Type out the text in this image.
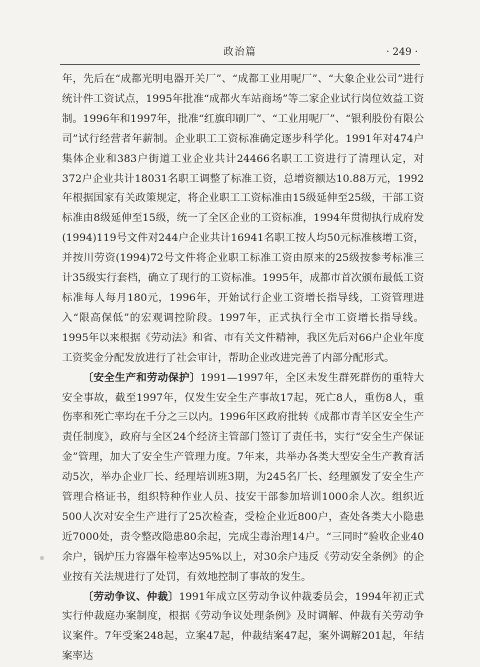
政治篇	· 249 ·

年，先后在“成都光明电器开关厂”、“成都工业用呢厂”、“大象企业公司”进行统计件工资试点，1995年批准“成都火车站商场”等二家企业试行岗位效益工资制。1996年和1997年，批准“红旗印刷厂”、“工业用呢厂”、“银利股份有限公司”试行经营者年薪制。企业职工工资标准确定逐步科学化。1991年对474户集体企业和383户街道工业企业共计24466名职工工资进行了清理认定，对372户企业共计18031名职工调整了标准工资，总增资额达10.88万元，1992年根据国家有关政策规定，将企业职工工资标准由15级延伸至25级，干部工资标准由8级延伸至15级，统一了全区企业的工资标准，1994年贯彻执行成府发(1994)119号文件对244户企业共计16941名职工按人均50元标准核增工资，并按川劳资(1994)72号文件将企业职工标准工资由原来的25级按参考标准三计35级实行套档，确立了现行的工资标准。1995年，成都市首次颁布最低工资标准每人每月180元，1996年，开始试行企业工资增长指导线，工资管理进入“限高保低”的宏观调控阶段。1997年，正式执行全市工资增长指导线。1995年以来根据《劳动法》和省、市有关文件精神，我区先后对66户企业年度工资奖金分配发放进行了社会审计，帮助企业改进完善了内部分配形式。

〔安全生产和劳动保护〕1991—1997年，全区未发生群死群伤的重特大安全事故，截至1997年，仅发生安全生产事故17起，死亡8人，重伤8人，重伤率和死亡率均在千分之三以内。1996年区政府批转《成都市青羊区安全生产责任制度》，政府与全区24个经济主管部门签订了责任书，实行“安全生产保证金”管理，加大了安全生产管理力度。7年来，共举办各类大型安全生产教育活动5次，举办企业厂长、经理培训班3期，为245名厂长、经理颁发了安全生产管理合格证书，组织特种作业人员、技安干部参加培训1000余人次。组织近500人次对安全生产进行了25次检查，受检企业近800户，查处各类大小隐患近7000处，责令整改隐患80余起，完成尘毒治理14户。“三同时”验收企业40余户，锅炉压力容器年检率达95%以上，对30余户违反《劳动安全条例》的企业按有关法规进行了处罚，有效地控制了事故的发生。

〔劳动争议、仲裁〕1991年成立区劳动争议仲裁委员会，1994年初正式实行仲裁庭办案制度，根据《劳动争议处理条例》及时调解、仲裁有关劳动争议案件。7年受案248起，立案47起，仲裁结案47起，案外调解201起，年结案率达
